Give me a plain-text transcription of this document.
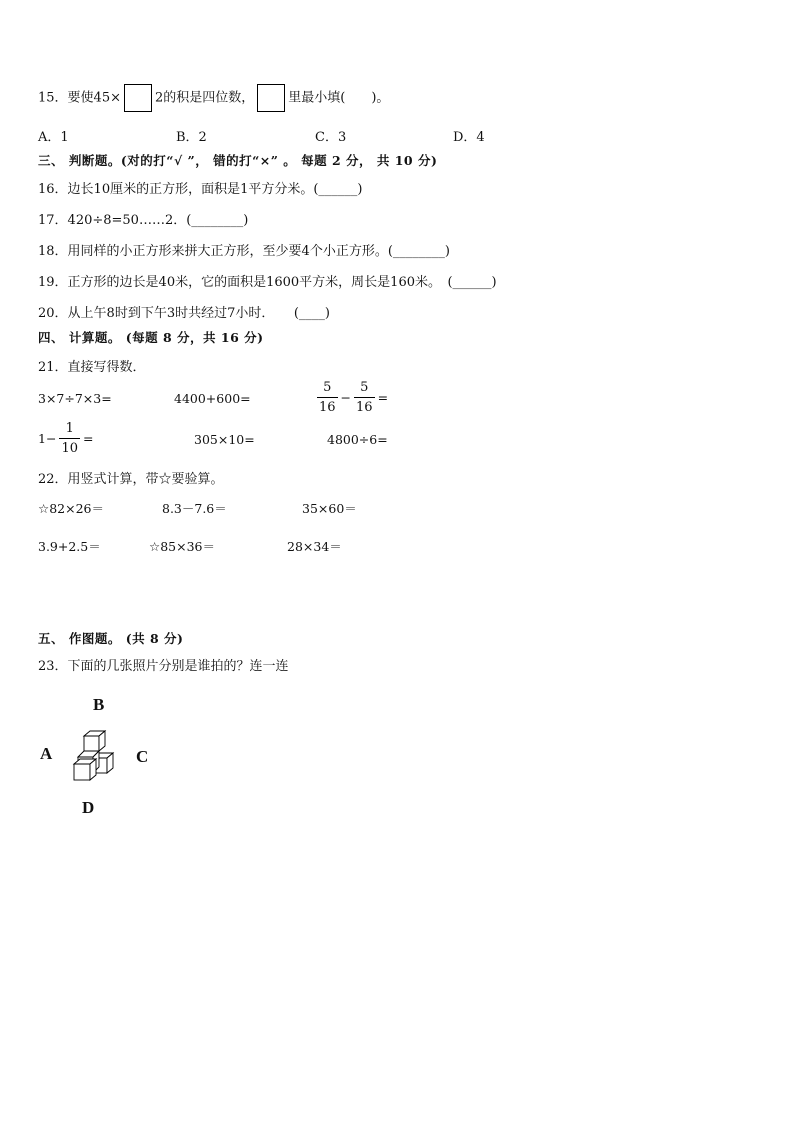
15．要使45×	2的积是四位数，	里最小填(　　)。
A．1	B．2	C．3	D．4
三、 判断题。(对的打“√ ”， 错的打“×” 。 每题 2 分， 共 10 分)
16．边长10厘米的正方形，面积是1平方分米。(______)
17．420÷8=50……2．(________)
18．用同样的小正方形来拼大正方形，至少要4个小正方形。(________)
19．正方形的边长是40米，它的面积是1600平方米，周长是160米。　(______)
20．从上午8时到下午3时共经过7小时．　　(____)
四、 计算题。 (每题 8 分，共 16 分)
21．直接写得数．
3×7÷7×3=	4400+600=	$\frac{5}{16} - \frac{5}{16}$ =
$1- \frac{1}{10}$ =	305×10=	4800÷6=
22．用竖式计算，带☆要验算。
☆82×26＝	8.3－7.6＝	35×60＝
3.9+2.5＝	☆85×36＝	28×34＝
五、 作图题。 (共 8 分)
23．下面的几张照片分别是谁拍的？连一连
B
A	C
D
